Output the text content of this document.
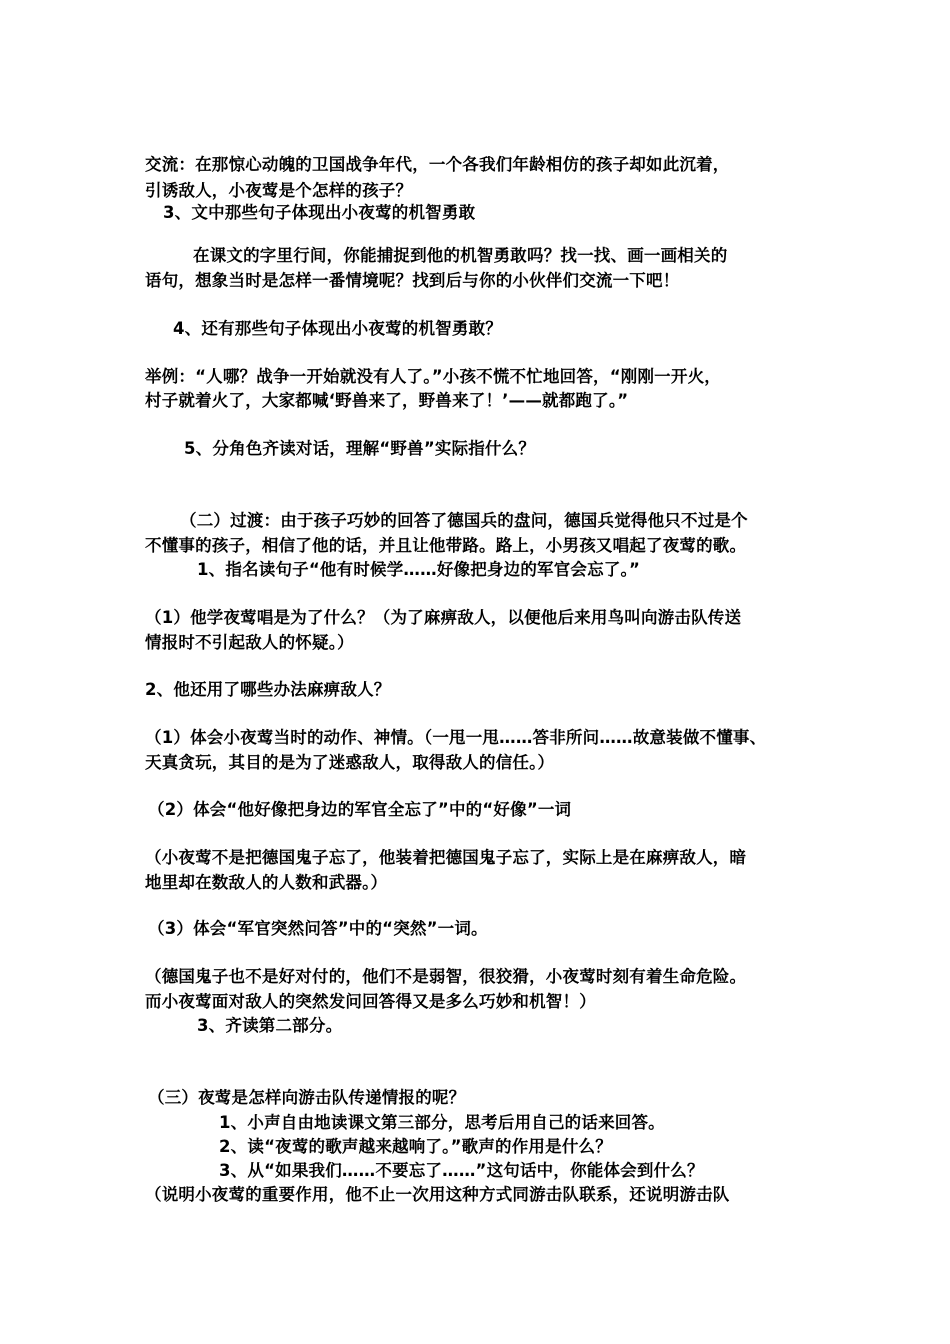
交流：在那惊心动魄的卫国战争年代，一个各我们年龄相仿的孩子却如此沉着，
引诱敌人，小夜莺是个怎样的孩子？
3、文中那些句子体现出小夜莺的机智勇敢
在课文的字里行间，你能捕捉到他的机智勇敢吗？找一找、画一画相关的
语句，想象当时是怎样一番情境呢？找到后与你的小伙伴们交流一下吧！
4、还有那些句子体现出小夜莺的机智勇敢？
举例：“人哪？战争一开始就没有人了。”小孩不慌不忙地回答，“刚刚一开火，
村子就着火了，大家都喊‘野兽来了，野兽来了！’——就都跑了。”
5、分角色齐读对话，理解“野兽”实际指什么？
（二）过渡：由于孩子巧妙的回答了德国兵的盘问，德国兵觉得他只不过是个
不懂事的孩子，相信了他的话，并且让他带路。路上，小男孩又唱起了夜莺的歌。
1、指名读句子“他有时候学……好像把身边的军官会忘了。”
（1）他学夜莺唱是为了什么？（为了麻痹敌人，以便他后来用鸟叫向游击队传送
情报时不引起敌人的怀疑。）
2、他还用了哪些办法麻痹敌人？
（1）体会小夜莺当时的动作、神情。（一甩一甩……答非所问……故意装做不懂事、
天真贪玩，其目的是为了迷惑敌人，取得敌人的信任。）
（2）体会“他好像把身边的军官全忘了”中的“好像”一词
（小夜莺不是把德国鬼子忘了，他装着把德国鬼子忘了，实际上是在麻痹敌人，暗
地里却在数敌人的人数和武器。）
（3）体会“军官突然问答”中的“突然”一词。
（德国鬼子也不是好对付的，他们不是弱智，很狡猾，小夜莺时刻有着生命危险。
而小夜莺面对敌人的突然发问回答得又是多么巧妙和机智！）
3、齐读第二部分。
（三）夜莺是怎样向游击队传递情报的呢？
1、小声自由地读课文第三部分，思考后用自己的话来回答。
2、读“夜莺的歌声越来越响了。”歌声的作用是什么？
3、从“如果我们……不要忘了……”这句话中，你能体会到什么？
（说明小夜莺的重要作用，他不止一次用这种方式同游击队联系，还说明游击队
